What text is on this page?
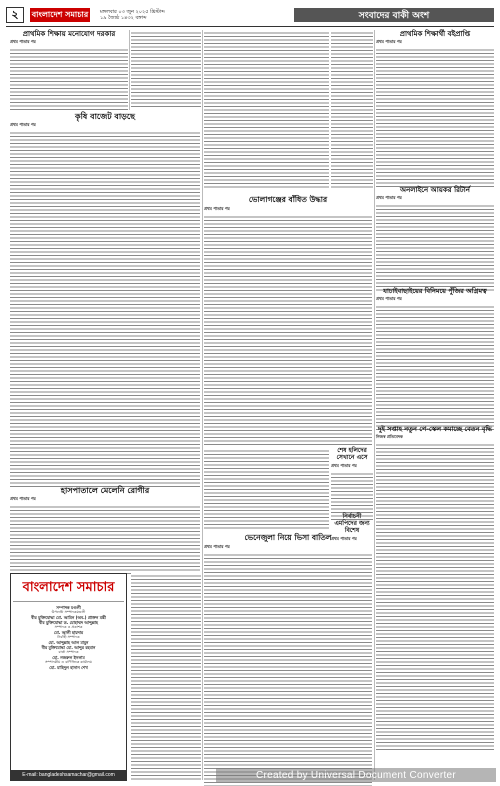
২	বাংলাদেশ সমাচার	মঙ্গলবার ০৩ জুন ২০২৫ খ্রিস্টাব্দ
১৯ জ্যৈষ্ঠ ১৪৩২ বঙ্গাব্দ	সংবাদের বাকী অংশ
প্রাথমিক শিক্ষায় মনোযোগ দরকার
প্রথম পাতার পর
কৃষি বাজেট বাড়ছে
প্রথম পাতার পর
হাসপাতালে মেলেনি রোগীর
প্রথম পাতার পর
ভোলাগঞ্জের বাঁধিত উদ্ধার
প্রথম পাতার পর
ভেনেজুলা নিয়ে ভিসা বাতিল
প্রথম পাতার পর
শেষ হলিদের সেখানে এসে
প্রথম পাতার পর
নির্বাচনী এমপিদের জন্য বিশেষ
প্রথম পাতার পর
প্রাথমিক শিক্ষার্থী বইপ্রাপ্তি
প্রথম পাতার পর
অনলাইনে আয়কর রিটার্ন
প্রথম পাতার পর
যাচাইবাছাইয়ের বিনিময়ে পুঁজির অগ্রিমত্ব
প্রথম পাতার পর
দুই সপ্তাহ নতুন পে-স্কেল কমাচ্ছে বেতন বৃদ্ধি
নিজস্ব প্রতিবেদক
বাংলাদেশ সমাচার
সম্পাদক মণ্ডলী
উপদেষ্টা সম্পাদকমণ্ডলী
বীর মুক্তিযোদ্ধা মো. আমিন (অব.) প্রাক্তন মন্ত্রী
বীর মুক্তিযোদ্ধা ড. মোহাম্মদ আব্দুল্লাহ
সম্পাদক ও প্রকাশক
মো. আলী হায়দার
নির্বাহী সম্পাদক
মো. আব্দুল্লাহ আল মামুন
বীর মুক্তিযোদ্ধা মো. আব্দুর রহমান
বার্তা সম্পাদক
মো. নজরুল ইসলাম
সম্পাদকীয় ও বাণিজ্যিক কার্যালয়
মো. মাহিদুল হাসান শেখ
E-mail: bangladeshsamachar@gmail.com	Created by Universal Document Converter
